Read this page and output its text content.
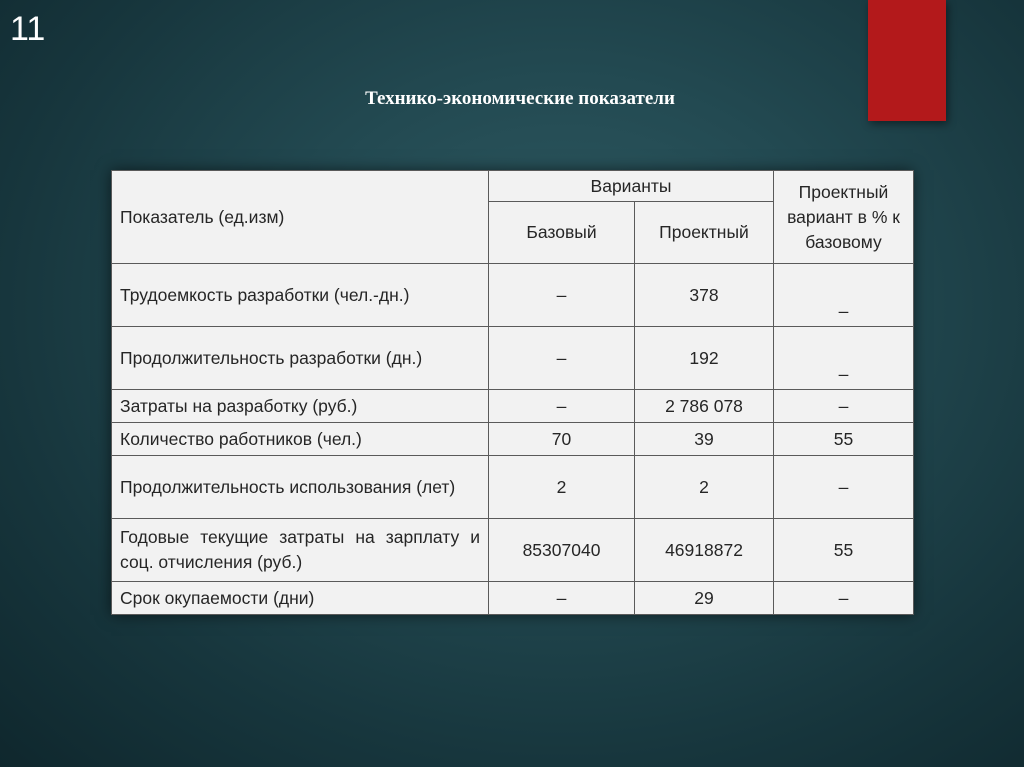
11
Технико-экономические показатели
Показатель (ед.изм)	Варианты		Проектный вариант в % к базовому
	Базовый	Проектный	
Трудоемкость разработки (чел.-дн.)	–	378	–
Продолжительность разработки (дн.)	–	192	–
Затраты на разработку (руб.)	–	2 786 078	–
Количество работников (чел.)	70	39	55
Продолжительность использования (лет)	2	2	–
Годовые текущие затраты на зарплату и соц. отчисления (руб.)	85307040	46918872	55
Срок окупаемости (дни)	–	29	–
